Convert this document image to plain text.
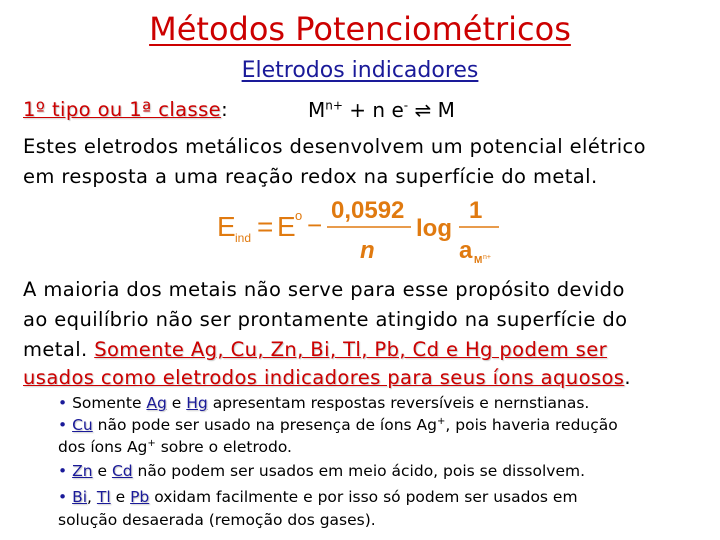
Métodos Potenciométricos
Eletrodos indicadores
1º tipo ou 1ª classe:	$M^{n+} + n$ e- ⇌ M
Estes eletrodos metálicos desenvolvem um potencial elétrico
em resposta a uma reação redox na superfície do metal.
E ind = E o − 0,0592
n
log
1
a M n+
A maioria dos metais não serve para esse propósito devido
ao equilíbrio não ser prontamente atingido na superfície do
metal. Somente Ag, Cu, Zn, Bi, Tl, Pb, Cd e Hg podem ser
usados como eletrodos indicadores para seus íons aquosos.
• Somente Ag e Hg apresentam respostas reversíveis e nernstianas.
• Cu não pode ser usado na presença de íons Ag+, pois haveria redução
dos íons Ag+ sobre o eletrodo.
• Zn e Cd não podem ser usados em meio ácido, pois se dissolvem.
• Bi, Tl e Pb oxidam facilmente e por isso só podem ser usados em
solução desaerada (remoção dos gases).
